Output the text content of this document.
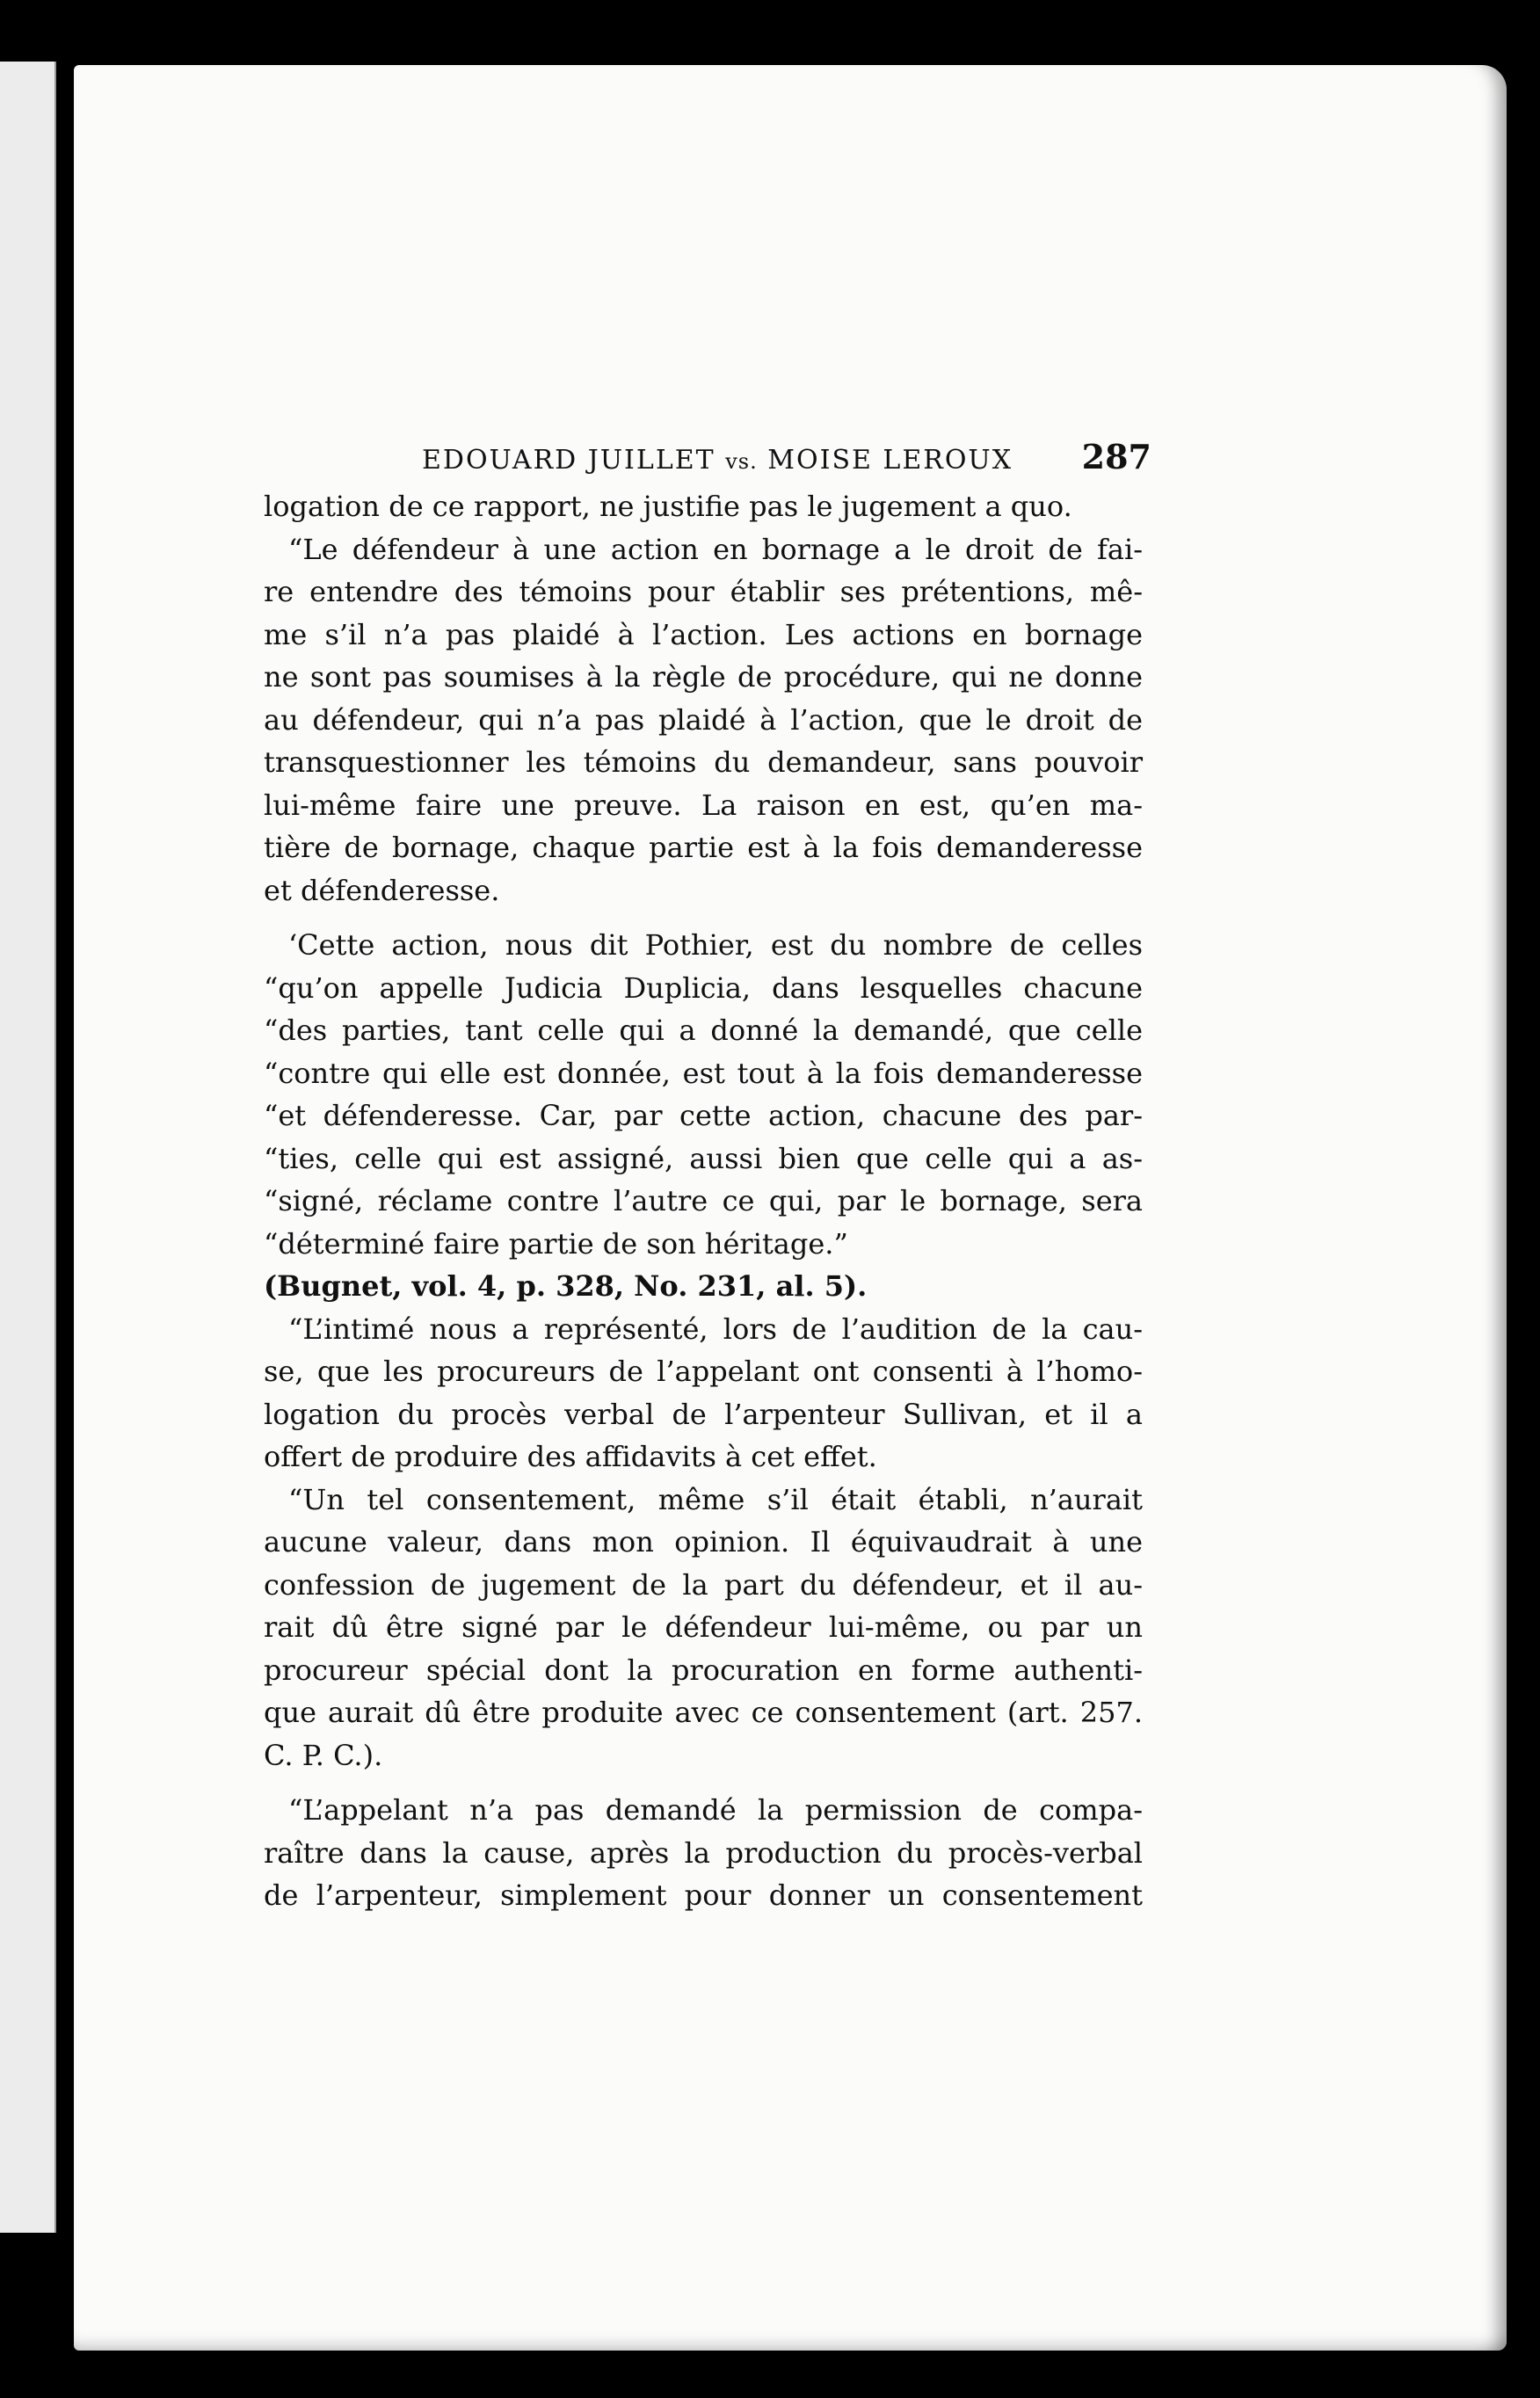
EDOUARD JUILLET vs. MOISE LEROUX 287

logation de ce rapport, ne justifie pas le jugement a quo.

“Le défendeur à une action en bornage a le droit de fai-
re entendre des témoins pour établir ses prétentions, mê-
me s’il n’a pas plaidé à l’action. Les actions en bornage
ne sont pas soumises à la règle de procédure, qui ne donne
au défendeur, qui n’a pas plaidé à l’action, que le droit de
transquestionner les témoins du demandeur, sans pouvoir
lui-même faire une preuve. La raison en est, qu’en ma-
tière de bornage, chaque partie est à la fois demanderesse
et défenderesse.

‘Cette action, nous dit Pothier, est du nombre de celles
“qu’on appelle Judicia Duplicia, dans lesquelles chacune
“des parties, tant celle qui a donné la demandé, que celle
“contre qui elle est donnée, est tout à la fois demanderesse
“et défenderesse. Car, par cette action, chacune des par-
“ties, celle qui est assigné, aussi bien que celle qui a as-
“signé, réclame contre l’autre ce qui, par le bornage, sera
“déterminé faire partie de son héritage.”

(Bugnet, vol. 4, p. 328, No. 231, al. 5).

“L’intimé nous a représenté, lors de l’audition de la cau-
se, que les procureurs de l’appelant ont consenti à l’homo-
logation du procès verbal de l’arpenteur Sullivan, et il a
offert de produire des affidavits à cet effet.

“Un tel consentement, même s’il était établi, n’aurait
aucune valeur, dans mon opinion. Il équivaudrait à une
confession de jugement de la part du défendeur, et il au-
rait dû être signé par le défendeur lui-même, ou par un
procureur spécial dont la procuration en forme authenti-
que aurait dû être produite avec ce consentement (art. 257.
C. P. C.).

“L’appelant n’a pas demandé la permission de compa-
raître dans la cause, après la production du procès-verbal
de l’arpenteur, simplement pour donner un consentement
